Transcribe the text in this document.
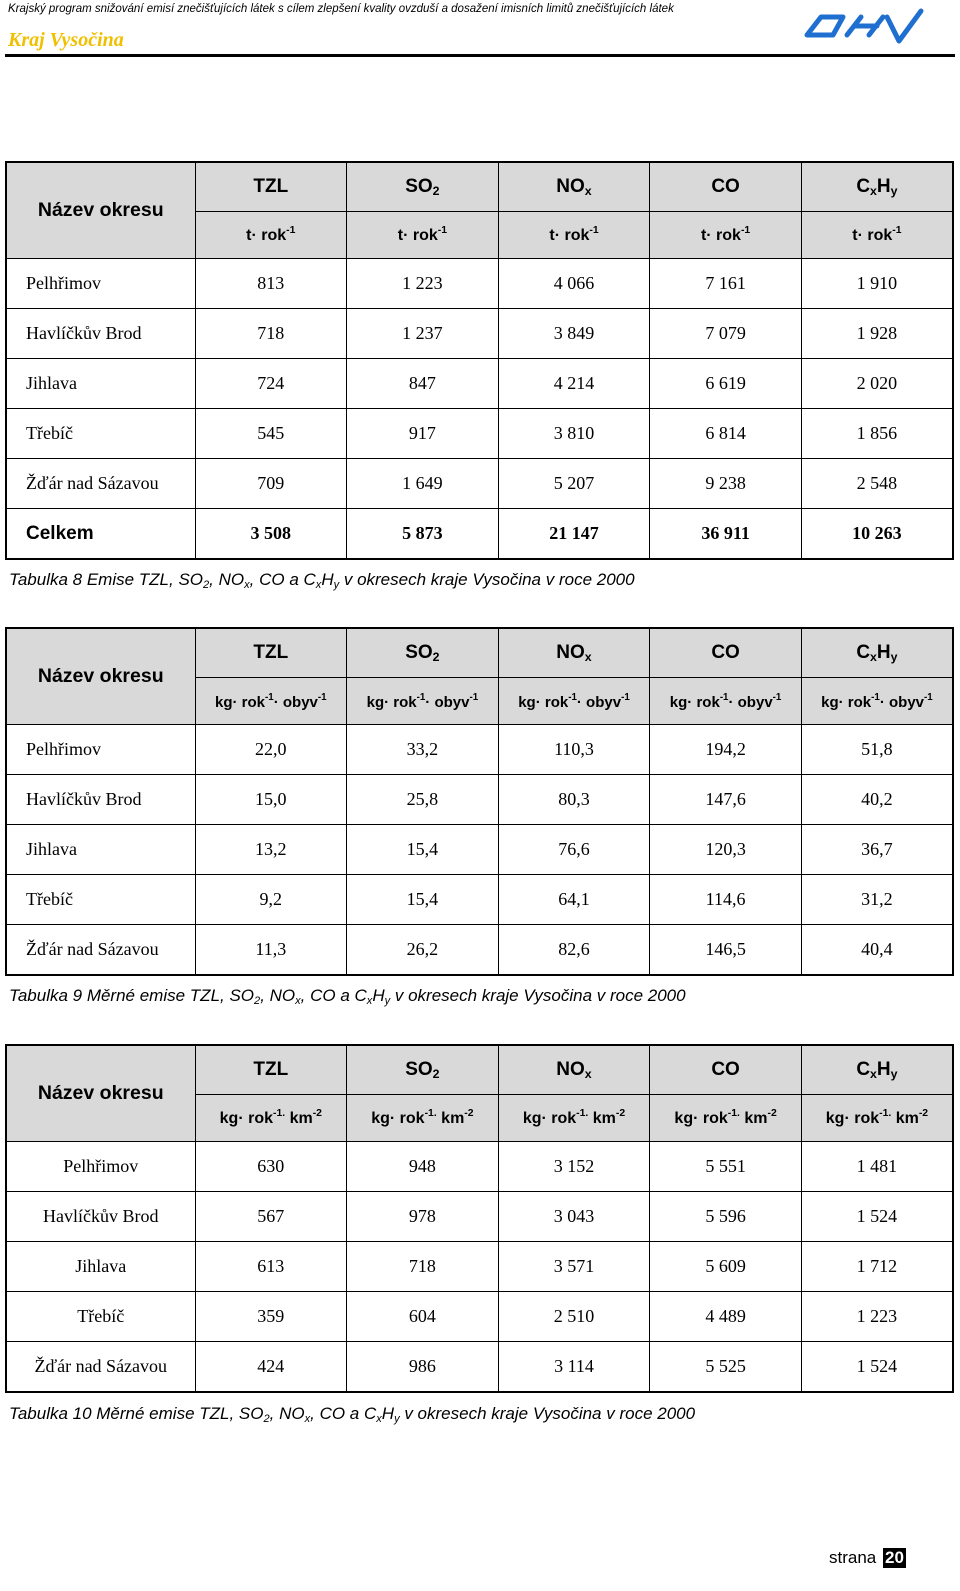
Krajský program snižování emisí znečišťujících látek s cílem zlepšení kvality ovzduší a dosažení imisních limitů znečišťujících látek
Kraj Vysočina
Název okresu	TZL	$SO_2$	$NO_x$	CO	$C_xH_y$
	t· rok$^{-1}$	t· rok$^{-1}$	t· rok$^{-1}$	t· rok$^{-1}$	t· rok$^{-1}$
Pelhřimov	813	1 223	4 066	7 161	1 910
Havlíčkův Brod	718	1 237	3 849	7 079	1 928
Jihlava	724	847	4 214	6 619	2 020
Třebíč	545	917	3 810	6 814	1 856
Žďár nad Sázavou	709	1 649	5 207	9 238	2 548
Celkem	3 508	5 873	21 147	36 911	10 263
Tabulka 8 Emise TZL, $SO_2$, $NO_x$, CO a $C_xH_y$ v okresech kraje Vysočina v roce 2000
Název okresu	TZL	$SO_2$	$NO_x$	CO	$C_xH_y$
	kg· rok$^{-1}$· obyv$^{-1}$	kg· rok$^{-1}$· obyv$^{-1}$	kg· rok$^{-1}$· obyv$^{-1}$	kg· rok$^{-1}$· obyv$^{-1}$	kg· rok$^{-1}$· obyv$^{-1}$
Pelhřimov	22,0	33,2	110,3	194,2	51,8
Havlíčkův Brod	15,0	25,8	80,3	147,6	40,2
Jihlava	13,2	15,4	76,6	120,3	36,7
Třebíč	9,2	15,4	64,1	114,6	31,2
Žďár nad Sázavou	11,3	26,2	82,6	146,5	40,4
Tabulka 9 Měrné emise TZL, $SO_2$, $NO_x$, CO a $C_xH_y$ v okresech kraje Vysočina v roce 2000
Název okresu	TZL	$SO_2$	$NO_x$	CO	$C_xH_y$
	kg· rok$^{-1.}$ $km^{-2}$	kg· rok$^{-1.}$ $km^{-2}$	kg· rok$^{-1.}$ $km^{-2}$	kg· rok$^{-1.}$ $km^{-2}$	kg· rok$^{-1.}$ $km^{-2}$
Pelhřimov	630	948	3 152	5 551	1 481
Havlíčkův Brod	567	978	3 043	5 596	1 524
Jihlava	613	718	3 571	5 609	1 712
Třebíč	359	604	2 510	4 489	1 223
Žďár nad Sázavou	424	986	3 114	5 525	1 524
Tabulka 10 Měrné emise TZL, $SO_2$, $NO_x$, CO a $C_xH_y$ v okresech kraje Vysočina v roce 2000
strana 20
